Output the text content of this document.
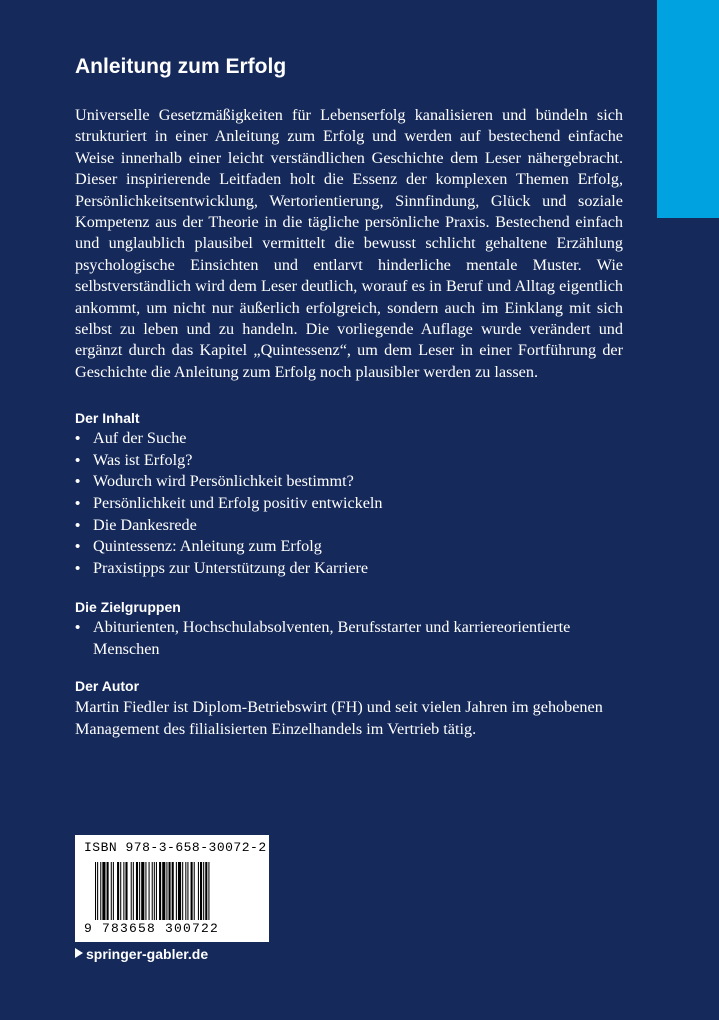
Anleitung zum Erfolg

Universelle Gesetzmäßigkeiten für Lebenserfolg kanalisieren und bündeln sich strukturiert in einer Anleitung zum Erfolg und werden auf bestechend einfache Weise innerhalb einer leicht verständlichen Geschichte dem Leser nähergebracht. Dieser inspirierende Leitfaden holt die Essenz der komplexen Themen Erfolg, Persönlichkeitsentwicklung, Wertorientierung, Sinnfindung, Glück und soziale Kompetenz aus der Theorie in die tägliche persönliche Praxis. Bestechend einfach und unglaublich plausibel vermittelt die bewusst schlicht gehaltene Erzählung psychologische Einsichten und entlarvt hinderliche mentale Muster. Wie selbstverständlich wird dem Leser deutlich, worauf es in Beruf und Alltag eigentlich ankommt, um nicht nur äußerlich erfolgreich, sondern auch im Einklang mit sich selbst zu leben und zu handeln. Die vorliegende Auflage wurde verändert und ergänzt durch das Kapitel „Quintessenz“, um dem Leser in einer Fortführung der Geschichte die Anleitung zum Erfolg noch plausibler werden zu lassen.

Der Inhalt
• Auf der Suche
• Was ist Erfolg?
• Wodurch wird Persönlichkeit bestimmt?
• Persönlichkeit und Erfolg positiv entwickeln
• Die Dankesrede
• Quintessenz: Anleitung zum Erfolg
• Praxistipps zur Unterstützung der Karriere
Die Zielgruppen
• Abiturienten, Hochschulabsolventen, Berufsstarter und karriereorientierte Menschen
Der Autor

Martin Fiedler ist Diplom-Betriebswirt (FH) und seit vielen Jahren im gehobenen Management des filialisierten Einzelhandels im Vertrieb tätig.

ISBN 978-3-658-30072-2
9 783658 300722
springer-gabler.de
